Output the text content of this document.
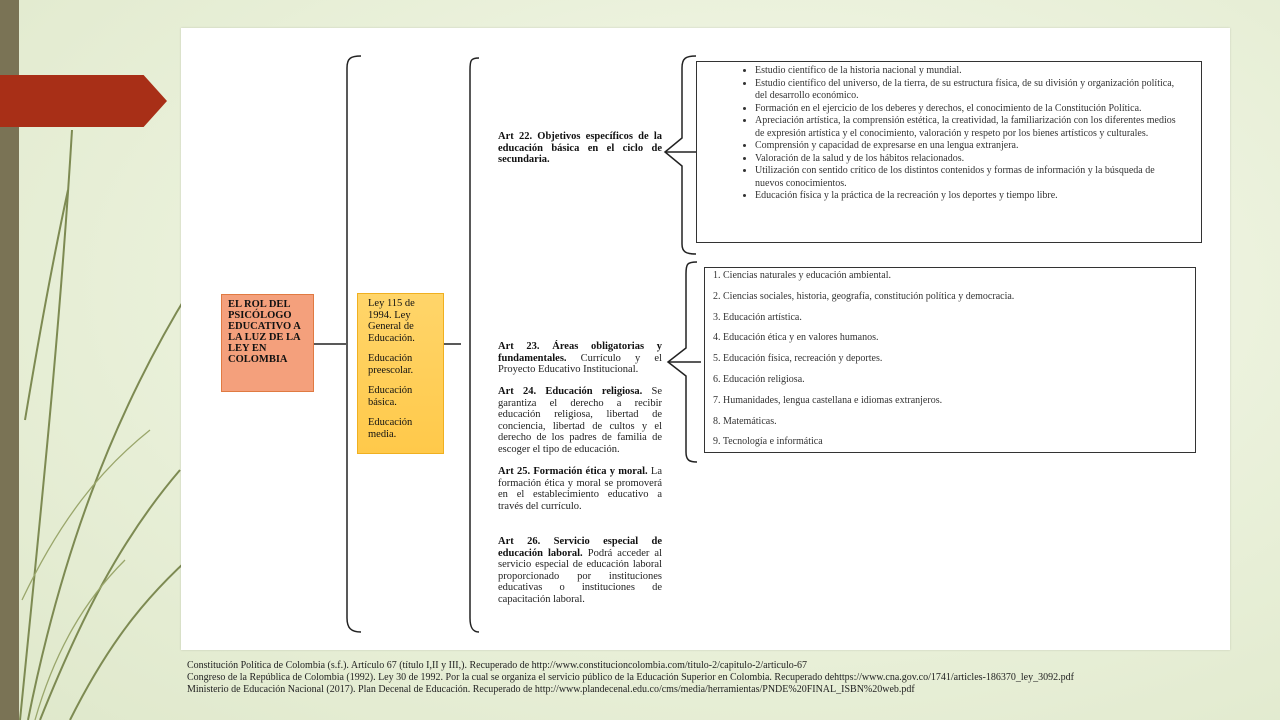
EL ROL DEL PSICÓLOGO EDUCATIVO A LA LUZ DE LA LEY EN COLOMBIA
Ley 115 de 1994. Ley General de Educación.
Educación preescolar.
Educación básica.
Educación media.
Art 22. Objetivos específicos de la educación básica en el ciclo de secundaria.
Art 23. Áreas obligatorias y fundamentales. Currículo y el Proyecto Educativo Institucional.
Art 24. Educación religiosa. Se garantiza el derecho a recibir educación religiosa, libertad de conciencia, libertad de cultos y el derecho de los padres de familia de escoger el tipo de educación.
Art 25. Formación ética y moral. La formación ética y moral se promoverá en el establecimiento educativo a través del currículo.
Art 26. Servicio especial de educación laboral. Podrá acceder al servicio especial de educación laboral proporcionado por instituciones educativas o instituciones de capacitación laboral.
• Estudio científico de la historia nacional y mundial.
• Estudio científico del universo, de la tierra, de su estructura física, de su división y organización política, del desarrollo económico.
• Formación en el ejercicio de los deberes y derechos, el conocimiento de la Constitución Política.
• Apreciación artística, la comprensión estética, la creatividad, la familiarización con los diferentes medios de expresión artística y el conocimiento, valoración y respeto por los bienes artísticos y culturales.
• Comprensión y capacidad de expresarse en una lengua extranjera.
• Valoración de la salud y de los hábitos relacionados.
• Utilización con sentido crítico de los distintos contenidos y formas de información y la búsqueda de nuevos conocimientos.
• Educación física y la práctica de la recreación y los deportes y tiempo libre.
1. Ciencias naturales y educación ambiental.
2. Ciencias sociales, historia, geografía, constitución política y democracia.
3. Educación artística.
4. Educación ética y en valores humanos.
5. Educación física, recreación y deportes.
6. Educación religiosa.
7. Humanidades, lengua castellana e idiomas extranjeros.
8. Matemáticas.
9. Tecnología e informática
Constitución Política de Colombia (s.f.). Artículo 67 (título I,II y III,). Recuperado de http://www.constitucioncolombia.com/titulo-2/capitulo-2/articulo-67
Congreso de la República de Colombia (1992). Ley 30 de 1992. Por la cual se organiza el servicio público de la Educación Superior en Colombia. Recuperado dehttps://www.cna.gov.co/1741/articles-186370_ley_3092.pdf
Ministerio de Educación Nacional (2017). Plan Decenal de Educación. Recuperado de http://www.plandecenal.edu.co/cms/media/herramientas/PNDE%20FINAL_ISBN%20web.pdf
